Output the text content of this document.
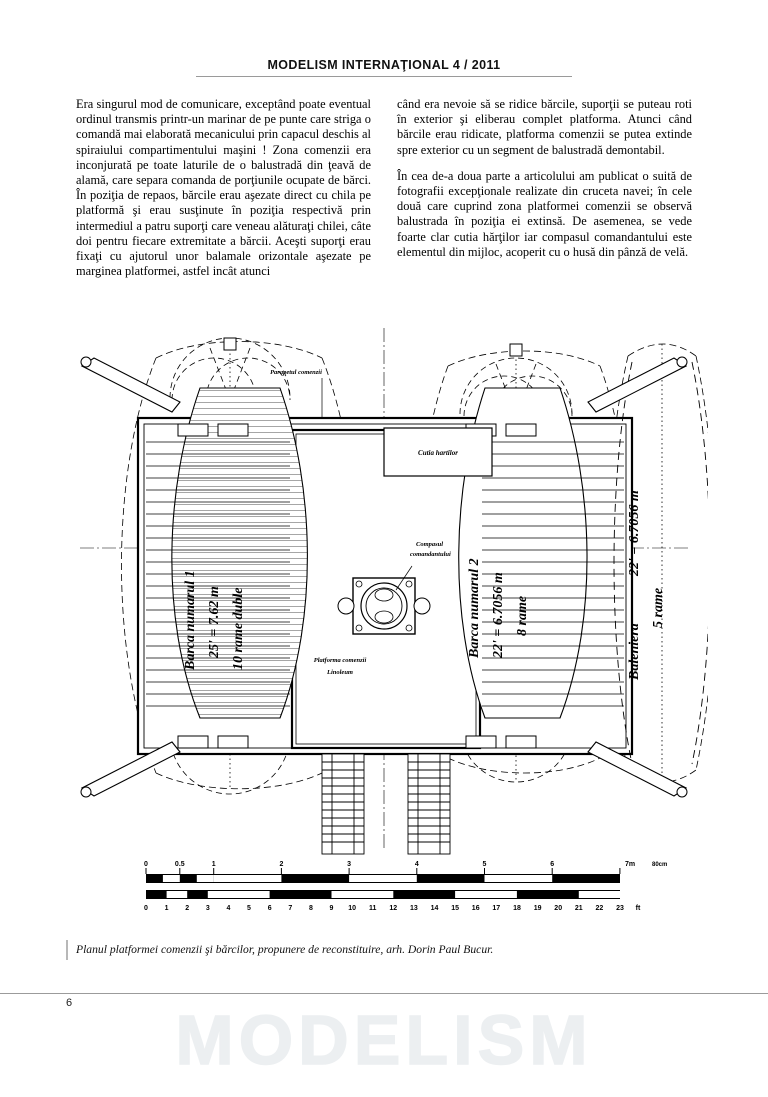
MODELISM INTERNAŢIONAL 4 / 2011

Era singurul mod de comunicare, exceptând poate eventual ordinul transmis printr-un marinar de pe punte care striga o comandă mai elaborată mecanicului prin capacul deschis al spiraiului compartimentului maşini ! Zona comenzii era inconjurată pe toate laturile de o balustradă din ţeavă de alamă, care separa comanda de porţiunile ocupate de bărci. În poziţia de repaos, bărcile erau aşezate direct cu chila pe platformă şi erau susţinute în poziţia respectivă prin intermediul a patru suporţi care veneau alăturaţi chilei, câte doi pentru fiecare extremitate a bărcii. Aceşti suporţi erau fixaţi cu ajutorul unor balamale orizontale aşezate pe marginea platformei, astfel incât atunci

când era nevoie să se ridice bărcile, suporţii se puteau roti în exterior şi eliberau complet platforma. Atunci când bărcile erau ridicate, platforma comenzii se putea extinde spre exterior cu un segment de balustradă demontabil.

În cea de-a doua parte a articolului am publicat o suită de fotografii excepţionale realizate din cruceta navei; în cele două care cuprind zona platformei comenzii se observă balustrada în poziţia ei extinsă. De asemenea, se vede foarte clar cutia hărţilor iar compasul comandantului este elementul din mijloc, acoperit cu o husă din pânză de velă.

Cutia hartilor
Compasul
comandantului
Parapetul comenzii
Platforma comenzii
Linoleum
Barca numarul 1 25' = 7.62 m 10 rame duble	Barca numarul 2 22' = 6.7056 m 8 rame
Baleniera
22' = 6.7056 m
5 rame
0	0.5	1	2	3	4	5	6	7m	80cm
0 1 2 3 4 5 6 7 8 9 10 11 12 13 14 15 16 17 18 19 20 21 22 23 ft
Planul platformei comenzii şi bărcilor, propunere de reconstituire, arh. Dorin Paul Bucur.
6	MODELISM
